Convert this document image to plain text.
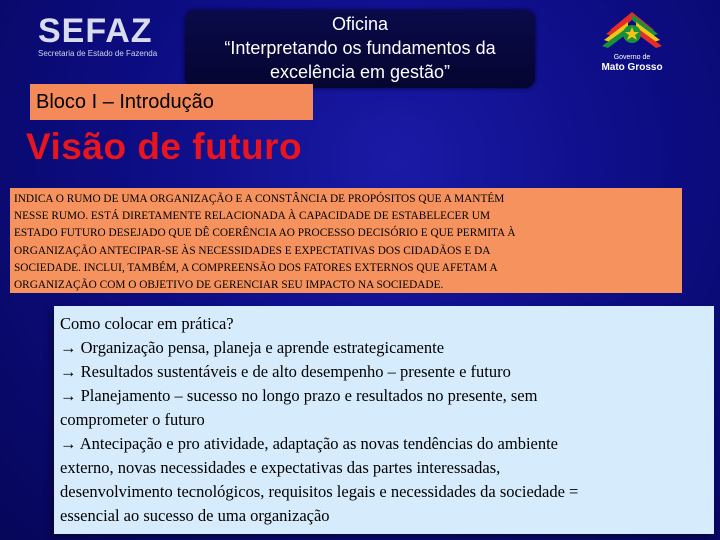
SEFAZ
Secretaria de Estado de Fazenda
Oficina
“Interpretando os fundamentos da
excelência em gestão”
Governo de
Mato Grosso
Bloco I – Introdução
Visão de futuro
INDICA O RUMO DE UMA ORGANIZAÇÃO E A CONSTÂNCIA DE PROPÓSITOS QUE A MANTÉM
NESSE RUMO. ESTÁ DIRETAMENTE RELACIONADA À CAPACIDADE DE ESTABELECER UM
ESTADO FUTURO DESEJADO QUE DÊ COERÊNCIA AO PROCESSO DECISÓRIO E QUE PERMITA À
ORGANIZAÇÃO ANTECIPAR-SE ÀS NECESSIDADES E EXPECTATIVAS DOS CIDADÃOS E DA
SOCIEDADE. INCLUI, TAMBÉM, A COMPREENSÃO DOS FATORES EXTERNOS QUE AFETAM A
ORGANIZAÇÃO COM O OBJETIVO DE GERENCIAR SEU IMPACTO NA SOCIEDADE.
Como colocar em prática?
→ Organização pensa, planeja e aprende estrategicamente
→ Resultados sustentáveis e de alto desempenho – presente e futuro
→ Planejamento – sucesso no longo prazo e resultados no presente, sem
comprometer o futuro
→ Antecipação e pro atividade, adaptação as novas tendências do ambiente
externo, novas necessidades e expectativas das partes interessadas,
desenvolvimento tecnológicos, requisitos legais e necessidades da sociedade =
essencial ao sucesso de uma organização
